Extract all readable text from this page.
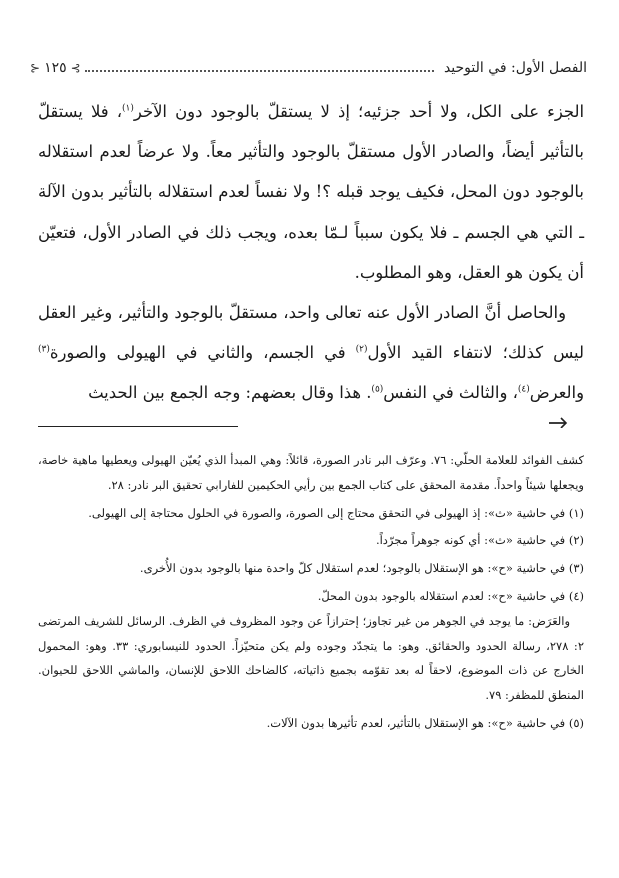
الفصل الأول: في التوحيد
⊱
١٢٥
⊰

الجزء على الكل، ولا أحد جزئيه؛ إذ لا يستقلّ بالوجود دون الآخر$^{(١)}$، فلا يستقلّ بالتأثير أيضاً، والصادر الأول مستقلّ بالوجود والتأثير معاً. ولا عرضاً لعدم استقلاله بالوجود دون المحل، فكيف يوجد قبله ؟! ولا نفساً لعدم استقلاله بالتأثير بدون الآلة ـ التي هي الجسم ـ فلا يكون سبباً لـمّا بعده، ويجب ذلك في الصادر الأول، فتعيّن أن يكون هو العقل، وهو المطلوب.

والحاصل أنَّ الصادر الأول عنه تعالى واحد، مستقلّ بالوجود والتأثير، وغير العقل ليس كذلك؛ لانتفاء القيد الأول$^{(٢)}$ في الجسم، والثاني في الهيولى والصورة$^{(٣)}$ والعرض$^{(٤)}$، والثالث في النفس$^{(٥)}$. هذا وقال بعضهم: وجه الجمع بين الحديث

كشف الفوائد للعلامة الحلّي: ٧٦. وعرّف البر نادر الصورة، قائلاً: وهي المبدأ الذي يُعيّن الهيولى ويعطيها ماهية خاصة، ويجعلها شيئاً واحداً. مقدمة المحقق على كتاب الجمع بين رأيي الحكيمين للفارابي تحقيق البر نادر: ٢٨.

(١) في حاشية «ث»: إذ الهيولى في التحقق محتاج إلى الصورة، والصورة في الحلول محتاجة إلى الهيولى.

(٢) في حاشية «ث»: أي كونه جوهراً مجرّداً.

(٣) في حاشية «ح»: هو الإستقلال بالوجود؛ لعدم استقلال كلّ واحدة منها بالوجود بدون الأُخرى.

(٤) في حاشية «ح»: لعدم استقلاله بالوجود بدون المحلّ.

والعَرَض: ما يوجد في الجوهر من غير تجاوز؛ إحترازاً عن وجود المظروف في الظرف. الرسائل للشريف المرتضى ٢: ٢٧٨، رسالة الحدود والحقائق. وهو: ما يتجدّد وجوده ولم يكن متحيّزاً. الحدود للنيسابوري: ٣٣. وهو: المحمول الخارج عن ذات الموضوع، لاحقاً له بعد تقوّمه بجميع ذاتياته، كالضاحك اللاحق للإنسان، والماشي اللاحق للحيوان. المنطق للمظفر: ٧٩.

(٥) في حاشية «ح»: هو الإستقلال بالتأثير، لعدم تأثيرها بدون الآلات.
